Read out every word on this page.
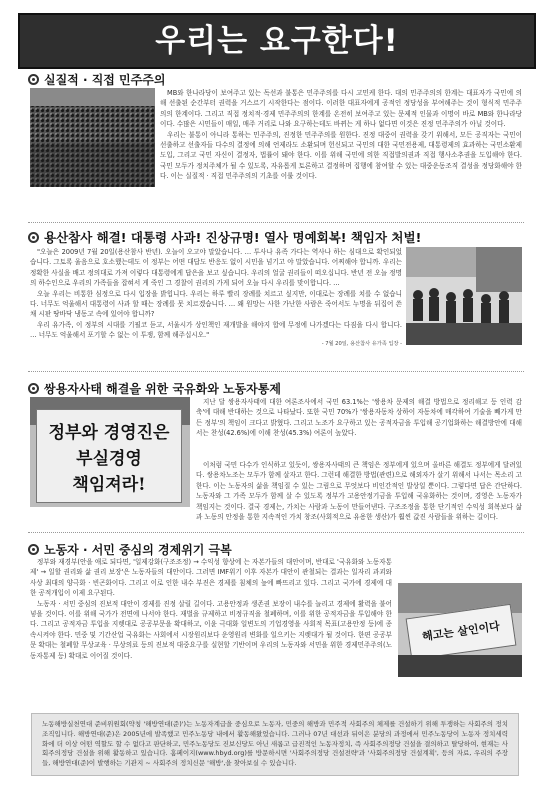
우리는 요구한다!
실질적 · 직접 민주주의

MB와 한나라당이 보여주고 있는 독선과 불통은 민주주의를 다시 고민케 한다. 대의 민주주의의 한계는 대표자가 국민에 의해 선출된 순간부터 권력을 거스르기 시작한다는 점이다. 이러한 대표자에게 공적인 정당성을 부여해주는 것이 형식적 민주주의의 한계이다. 그리고 직접 정치적·경제 민주주의의 한계를 온전히 보여주고 있는 문제적 인물과 이명이 바로 MB와 한나라당이다. 수많은 시민들이 매일, 매주 거리로 나와 요구하는데도 바뀌는 게 하나 없다면 이것은 진정 민주주의가 아닐 것이다.

우리는 불통이 아니라 통하는 민주주의, 진정한 민주주의를 원한다. 진정 대중이 권력을 갖기 위해서, 모든 공직자는 국민이 선출하고 선출자들 다수의 결정에 의해 언제라도 소환되며 헌신되고 국민의 대한 국민전용제, 대통령제의 효과하는 국민소환제 도입, 그리고 국민 자신이 결정자, 법률이 돼야 한다. 이를 위해 국민에 의한 직접발의권과 직접 행사소추권을 도입해야 한다. 국민 모두가 정치주체가 될 수 있도록, 자유롭게 토론하고 결정하며 집행에 참여할 수 있는 대중운동조직 결성을 정당화해야 한다. 이는 실질적 · 직접 민주주의의 기초를 이룰 것이다.

용산참사 해결! 대통령 사과! 진상규명! 열사 명예회복! 책임자 처벌!

"오늘은 2009년 7월 20일(용산참사 반년). 오늘이 오고야 말았습니다. … 투사나 유족 가다는 역사나 하는 심대으로 확인되었습니다. 그토록 울음으로 호소했는데도 이 정부는 어떤 대답도 반응도 없이 시민을 넘기고 야 말았습니다. 어찌해야 합니까. 우리는 정확한 사실을 배고 정의대로 가져 이렇다 대통령에게 답은을 보고 싶습니다. 우리의 얼굴 권리들이 떠오십니다. 반년 전 오늘 정명의 하수인으로 우리의 가족들을 잡혀서 게 죽인 그 경찰이 권리의 가게 되어 오늘 다시 우리를 맞이합니다. …

오늘 우리는 비통한 심정으로 다시 입장을 밝힙니다. 우리는 하루 빨리 장례를 치르고 싶지만, 이대로는 장례를 치를 수 없습니다. 너무도 억울해서 대통령이 사과 할 때는 장례를 못 치르겠습니다. … 왜 원망는 사한 가난한 사람은 죽어서도 누명을 뒤집어 쓴 채 시판 땅바닥 냉동고 속에 있어야 합니까?

우리 유가족, 이 정부의 시대를 기필코 듣고, 서울시가 상인책인 재개발을 해야지 합에 무정에 나가겠다는 다짐을 다시 합니다. … 너무도 억울해서 포기할 수 없는 이 투쟁, 함께 해주십시오."

- 7월 20일, 용산참사 유가족 입장 -
쌍용자사태 해결을 위한 국유화와 노동자통제
정부와 경영진은 부실경영 책임져라!

지난 달 쌍용자사태에 대한 여론조사에서 국민 63.1%는 '쌍용차 문제의 해결 방법으로 정리해고 등 인력 감축'에 대해 반대하는 것으로 나타났다. 또한 국민 70%가 '쌍용자동차 상하이 자동차에 매각하여 기술을 빼가게 만든 정부'의 책임이 크다고 밝혔다. 그리고 노조가 요구하고 있는 공적자금을 투입해 공기업화하는 해결방안에 대해서는 찬성(42.6%)에 이해 찬성(45.3%) 여론이 높았다.

이처럼 국민 다수가 인식하고 있듯이, 쌍용자사태의 큰 책임은 정부에게 있으며 올바른 해결도 정부에게 달려있다. 쌍용차노조는 모두가 함께 살자고 한다. 그런데 해결한 방법(관련)으로 해외자가 살기 위해서 나서는 목소리 고 한다. 이는 노동자의 삶을 책임질 수 있는 그림으로 무엇보다 비인간적인 발상일 뿐이다. 그렇다면 답은 간단하다. 노동자와 그 가족 모두가 함께 살 수 있도록 정부가 고용안정기금을 투입해 국유화하는 것이며, 경영은 노동자가 책임지는 것이다. 결국 경제는, 가치는 사람과 노동이 만들어낸다. 구조조정을 통한 단기적인 수익성 회복보다 삶과 노동의 안정을 통한 지속적인 가치 창조(사회적으로 유용한 생산)가 훨씬 값진 사람들을 위하는 길이다.

노동자 · 서민 중심의 경제위기 극복

정부와 재경부(안을 애로 되다면, '일제강화(구조조정) → 수익성 향상에 는 자본가들의 대안이며, 반대로 '국유화와 노동자통제' → 일할 권리와 삶 권리 보장'은 노동자들의 대안이다. 그러면 IMF위기 이후 자본가 대안이 관철되는 결과는 일자리 과괴와 사상 최대의 양극화 · 빈곤화이다. 그리고 이로 인한 내수 부진은 경제를 침체의 늪에 빠뜨리고 있다. 그리고 국가에 경제에 대한 공적개입이 이제 요구된다.

노동자 · 서민 중심의 진보적 대안이 경제를 진정 살릴 길이다. 고용안정과 생존권 보장이 내수를 늘리고 경제에 활력을 불어넣을 것이다. 이를 위해 국가가 전면에 나서야 한다. 재벌을 규제하고 비정규직을 철폐하며, 이를 위한 공적자금을 투입해야 한다. 그리고 공적자금 투입을 지렛대로 공공부문을 확대하고, 이윤 극대화 일변도의 기업경영을 사회적 목표(고용안정 등)에 종속시켜야 한다. 민중 및 기간산업 국유화는 사회에서 시장원리보다 운영원리 변화를 일으키는 지렛대가 될 것이다. 한편 공공부문 확대는 철폐할 무상교육 · 무상의료 등의 진보적 대중요구를 실현할 기반이며 우리의 노동자와 서민을 위한 경제민주주의(노동자통제 등) 확대로 이어질 것이다.

해고는 살인이다
노동해방실천연대 준비위원회(약칭 '해방연대(준)')는 노동자계급을 중심으로 노동자, 민중의 해방과 민주적 사회주의 체제를 건설하기 위해 투쟁하는 사회주의 정치조직입니다. 해방연대(준)은 2005년에 발족했고 민주노동당 내에서 활동해왔었습니다. 그러나 07년 대선과 뒤이은 분당의 과정에서 민주노동당이 노동자 정치세력화에 더 이상 어떤 역할도 할 수 없다고 판단하고, 민주노동당도 진보신당도 아닌 새롭고 급진적인 노동자정치, 즉 사회주의정당 건설을 결의하고 탈당하여, 현재는 사회주의정당 건설을 위해 활동하고 있습니다. 홈페이지(www.hbyd.org)를 방문하시면 '사회주의정당 건설전략'과 '사회주의정당 건설계획', 등의 자료, 우리의 주장들, 해방연대(준)이 발행하는 기관지 ~ 사회주의 정치신문 '해방',을 찾아보실 수 있습니다.
